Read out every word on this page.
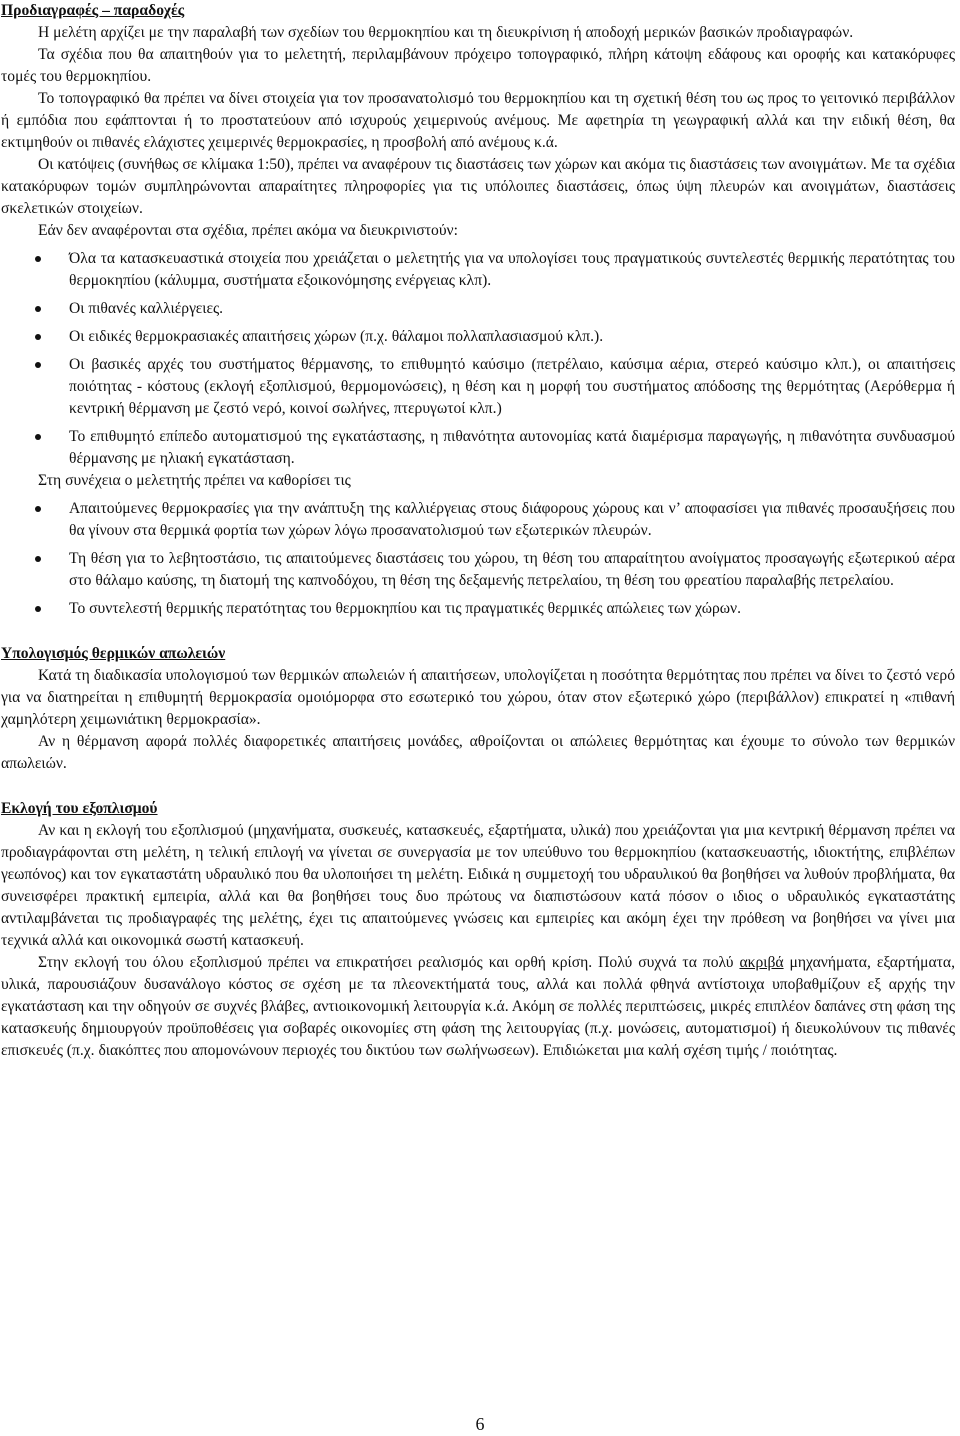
Προδιαγραφές – παραδοχές

Η μελέτη αρχίζει με την παραλαβή των σχεδίων του θερμοκηπίου και τη διευκρίνιση ή αποδοχή μερικών βασικών προδιαγραφών.

Τα σχέδια που θα απαιτηθούν για το μελετητή, περιλαμβάνουν πρόχειρο τοπογραφικό, πλήρη κάτοψη εδάφους και οροφής και κατακόρυφες τομές του θερμοκηπίου.

Το τοπογραφικό θα πρέπει να δίνει στοιχεία για τον προσανατολισμό του θερμοκηπίου και τη σχετική θέση του ως προς το γειτονικό περιβάλλον ή εμπόδια που εφάπτονται ή το προστατεύουν από ισχυρούς χειμερινούς ανέμους. Με αφετηρία τη γεωγραφική αλλά και την ειδική θέση, θα εκτιμηθούν οι πιθανές ελάχιστες χειμερινές θερμοκρασίες, η προσβολή από ανέμους κ.ά.

Οι κατόψεις (συνήθως σε κλίμακα 1:50), πρέπει να αναφέρουν τις διαστάσεις των χώρων και ακόμα τις διαστάσεις των ανοιγμάτων. Με τα σχέδια κατακόρυφων τομών συμπληρώνονται απαραίτητες πληροφορίες για τις υπόλοιπες διαστάσεις, όπως ύψη πλευρών και ανοιγμάτων, διαστάσεις σκελετικών στοιχείων.

Εάν δεν αναφέρονται στα σχέδια, πρέπει ακόμα να διευκρινιστούν:

Όλα τα κατασκευαστικά στοιχεία που χρειάζεται ο μελετητής για να υπολογίσει τους πραγματικούς συντελεστές θερμικής περατότητας του θερμοκηπίου (κάλυμμα, συστήματα εξοικονόμησης ενέργειας κλπ).
Οι πιθανές καλλιέργειες.
Οι ειδικές θερμοκρασιακές απαιτήσεις χώρων (π.χ. θάλαμοι πολλαπλασιασμού κλπ.).
Οι βασικές αρχές του συστήματος θέρμανσης, το επιθυμητό καύσιμο (πετρέλαιο, καύσιμα αέρια, στερεό καύσιμο κλπ.), οι απαιτήσεις ποιότητας - κόστους (εκλογή εξοπλισμού, θερμομονώσεις), η θέση και η μορφή του συστήματος απόδοσης της θερμότητας (Αερόθερμα ή κεντρική θέρμανση με ζεστό νερό, κοινοί σωλήνες, πτερυγωτοί κλπ.)
Το επιθυμητό επίπεδο αυτοματισμού της εγκατάστασης, η πιθανότητα αυτονομίας κατά διαμέρισμα παραγωγής, η πιθανότητα συνδυασμού θέρμανσης με ηλιακή εγκατάσταση.

Στη συνέχεια ο μελετητής πρέπει να καθορίσει τις

Απαιτούμενες θερμοκρασίες για την ανάπτυξη της καλλιέργειας στους διάφορους χώρους και ν’ αποφασίσει για πιθανές προσαυξήσεις που θα γίνουν στα θερμικά φορτία των χώρων λόγω προσανατολισμού των εξωτερικών πλευρών.
Τη θέση για το λεβητοστάσιο, τις απαιτούμενες διαστάσεις του χώρου, τη θέση του απαραίτητου ανοίγματος προσαγωγής εξωτερικού αέρα στο θάλαμο καύσης, τη διατομή της καπνοδόχου, τη θέση της δεξαμενής πετρελαίου, τη θέση του φρεατίου παραλαβής πετρελαίου.
Το συντελεστή θερμικής περατότητας του θερμοκηπίου και τις πραγματικές θερμικές απώλειες των χώρων.
Υπολογισμός θερμικών απωλειών

Κατά τη διαδικασία υπολογισμού των θερμικών απωλειών ή απαιτήσεων, υπολογίζεται η ποσότητα θερμότητας που πρέπει να δίνει το ζεστό νερό για να διατηρείται η επιθυμητή θερμοκρασία ομοιόμορφα στο εσωτερικό του χώρου, όταν στον εξωτερικό χώρο (περιβάλλον) επικρατεί η «πιθανή χαμηλότερη χειμωνιάτικη θερμοκρασία».

Αν η θέρμανση αφορά πολλές διαφορετικές απαιτήσεις μονάδες, αθροίζονται οι απώλειες θερμότητας και έχουμε το σύνολο των θερμικών απωλειών.

Εκλογή του εξοπλισμού

Αν και η εκλογή του εξοπλισμού (μηχανήματα, συσκευές, κατασκευές, εξαρτήματα, υλικά) που χρειάζονται για μια κεντρική θέρμανση πρέπει να προδιαγράφονται στη μελέτη, η τελική επιλογή να γίνεται σε συνεργασία με τον υπεύθυνο του θερμοκηπίου (κατασκευαστής, ιδιοκτήτης, επιβλέπων γεωπόνος) και τον εγκαταστάτη υδραυλικό που θα υλοποιήσει τη μελέτη. Ειδικά η συμμετοχή του υδραυλικού θα βοηθήσει να λυθούν προβλήματα, θα συνεισφέρει πρακτική εμπειρία, αλλά και θα βοηθήσει τους δυο πρώτους να διαπιστώσουν κατά πόσον ο ιδιος ο υδραυλικός εγκαταστάτης αντιλαμβάνεται τις προδιαγραφές της μελέτης, έχει τις απαιτούμενες γνώσεις και εμπειρίες και ακόμη έχει την πρόθεση να βοηθήσει να γίνει μια τεχνικά αλλά και οικονομικά σωστή κατασκευή.

Στην εκλογή του όλου εξοπλισμού πρέπει να επικρατήσει ρεαλισμός και ορθή κρίση. Πολύ συχνά τα πολύ ακριβά μηχανήματα, εξαρτήματα, υλικά, παρουσιάζουν δυσανάλογο κόστος σε σχέση με τα πλεονεκτήματά τους, αλλά και πολλά φθηνά αντίστοιχα υποβαθμίζουν εξ αρχής την εγκατάσταση και την οδηγούν σε συχνές βλάβες, αντιοικονομική λειτουργία κ.ά. Ακόμη σε πολλές περιπτώσεις, μικρές επιπλέον δαπάνες στη φάση της κατασκευής δημιουργούν προϋποθέσεις για σοβαρές οικονομίες στη φάση της λειτουργίας (π.χ. μονώσεις, αυτοματισμοί) ή διευκολύνουν τις πιθανές επισκευές (π.χ. διακόπτες που απομονώνουν περιοχές του δικτύου των σωλήνωσεων). Επιδιώκεται μια καλή σχέση τιμής / ποιότητας.

6
